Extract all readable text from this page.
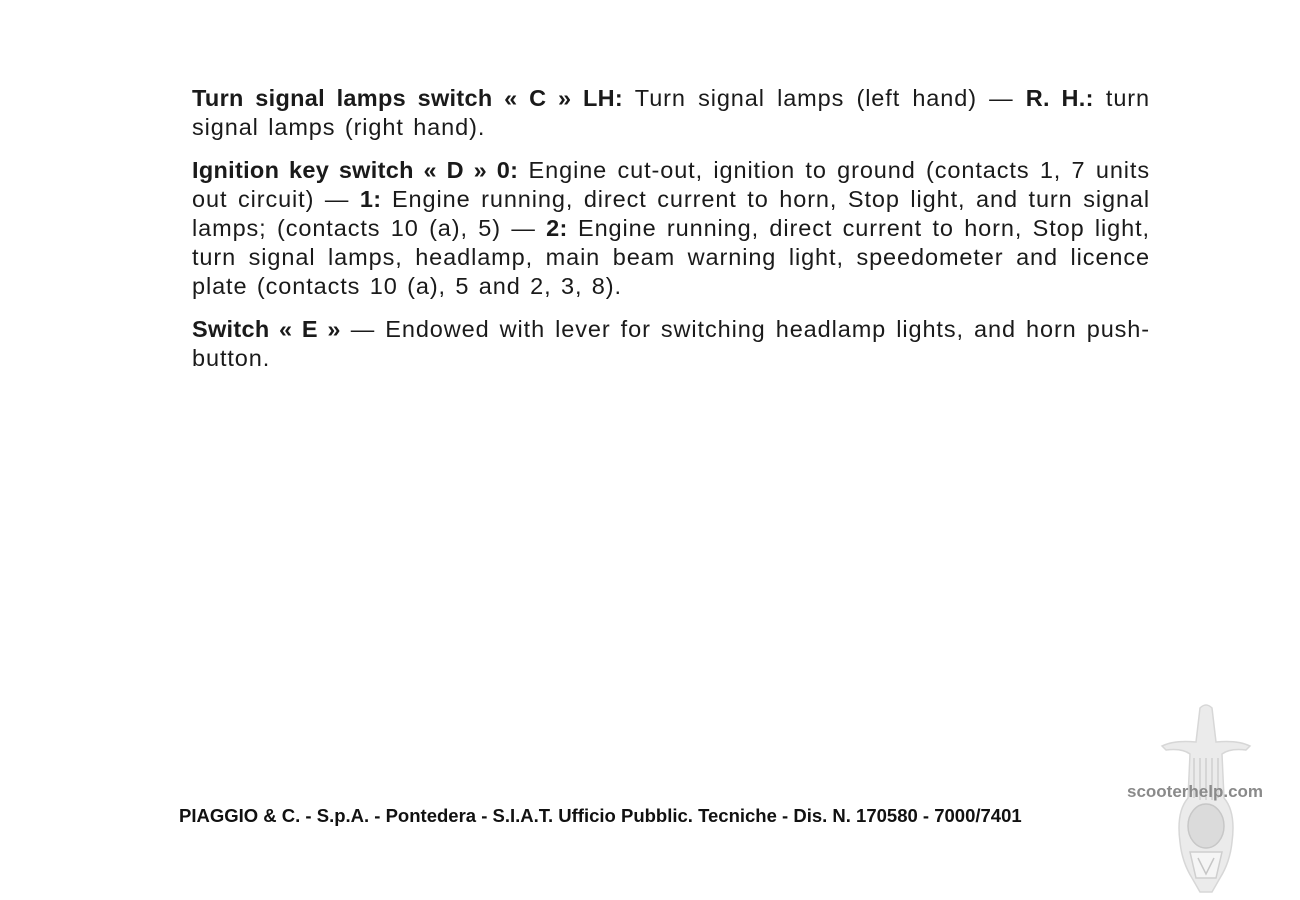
Turn signal lamps switch « C » LH: Turn signal lamps (left hand) — R. H.: turn signal lamps (right hand).

Ignition key switch « D » 0: Engine cut-out, ignition to ground (contacts 1, 7 units out circuit) — 1: Engine running, direct current to horn, Stop light, and turn signal lamps; (contacts 10 (a), 5) — 2: Engine running, direct current to horn, Stop light, turn signal lamps, headlamp, main beam warning light, speedometer and licence plate (contacts 10 (a), 5 and 2, 3, 8).

Switch « E » — Endowed with lever for switching headlamp lights, and horn push-button.

PIAGGIO & C. - S.p.A. - Pontedera - S.I.A.T. Ufficio Pubblic. Tecniche - Dis. N. 170580 - 7000/7401
scooterhelp.com
